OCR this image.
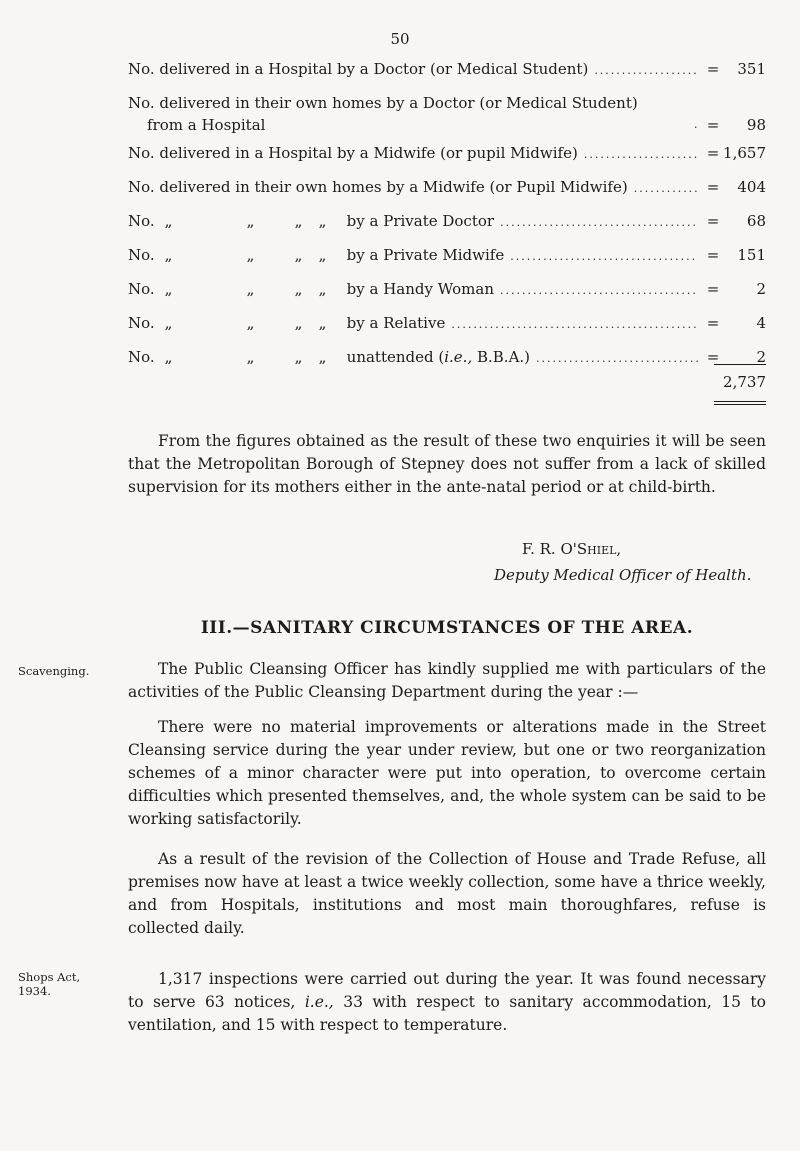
50
No. delivered in a Hospital by a Doctor (or Medical Student) .....	=	351
No. delivered in their own homes by a Doctor (or Medical Student)
from a Hospital .....	=	98
No. delivered in a Hospital by a Midwife (or pupil Midwife) .....	= 1,657
No. delivered in their own homes by a Midwife (or Pupil Midwife) .....	=	404
No. „	„	„ „ by a Private Doctor .....	=	68
No. „	„	„ „ by a Private Midwife .....	=	151
No. „	„	„ „ by a Handy Woman .....	=	2
No. „	„	„ „ by a Relative .....	=	4
No. „	„	„ „ unattended (i.e., B.B.A.) .....	=	2
2,737

From the figures obtained as the result of these two enquiries it will be seen that the Metropolitan Borough of Stepney does not suffer from a lack of skilled supervision for its mothers either in the ante-natal period or at child-birth.

F. R. O'Shiel,
Deputy Medical Officer of Health.
III.—SANITARY CIRCUMSTANCES OF THE AREA.
Scavenging.	The Public Cleansing Officer has kindly supplied me with particulars of the activities of the Public Cleansing Department during the year :—

There were no material improvements or alterations made in the Street Cleansing service during the year under review, but one or two reorganization schemes of a minor character were put into operation, to overcome certain difficulties which presented themselves, and, the whole system can be said to be working satisfactorily.

As a result of the revision of the Collection of House and Trade Refuse, all premises now have at least a twice weekly collection, some have a thrice weekly, and from Hospitals, institutions and most main thoroughfares, refuse is collected daily.

Shops Act,
1934.

1,317 inspections were carried out during the year. It was found necessary to serve 63 notices, i.e., 33 with respect to sanitary accommodation, 15 to ventilation, and 15 with respect to temperature.
